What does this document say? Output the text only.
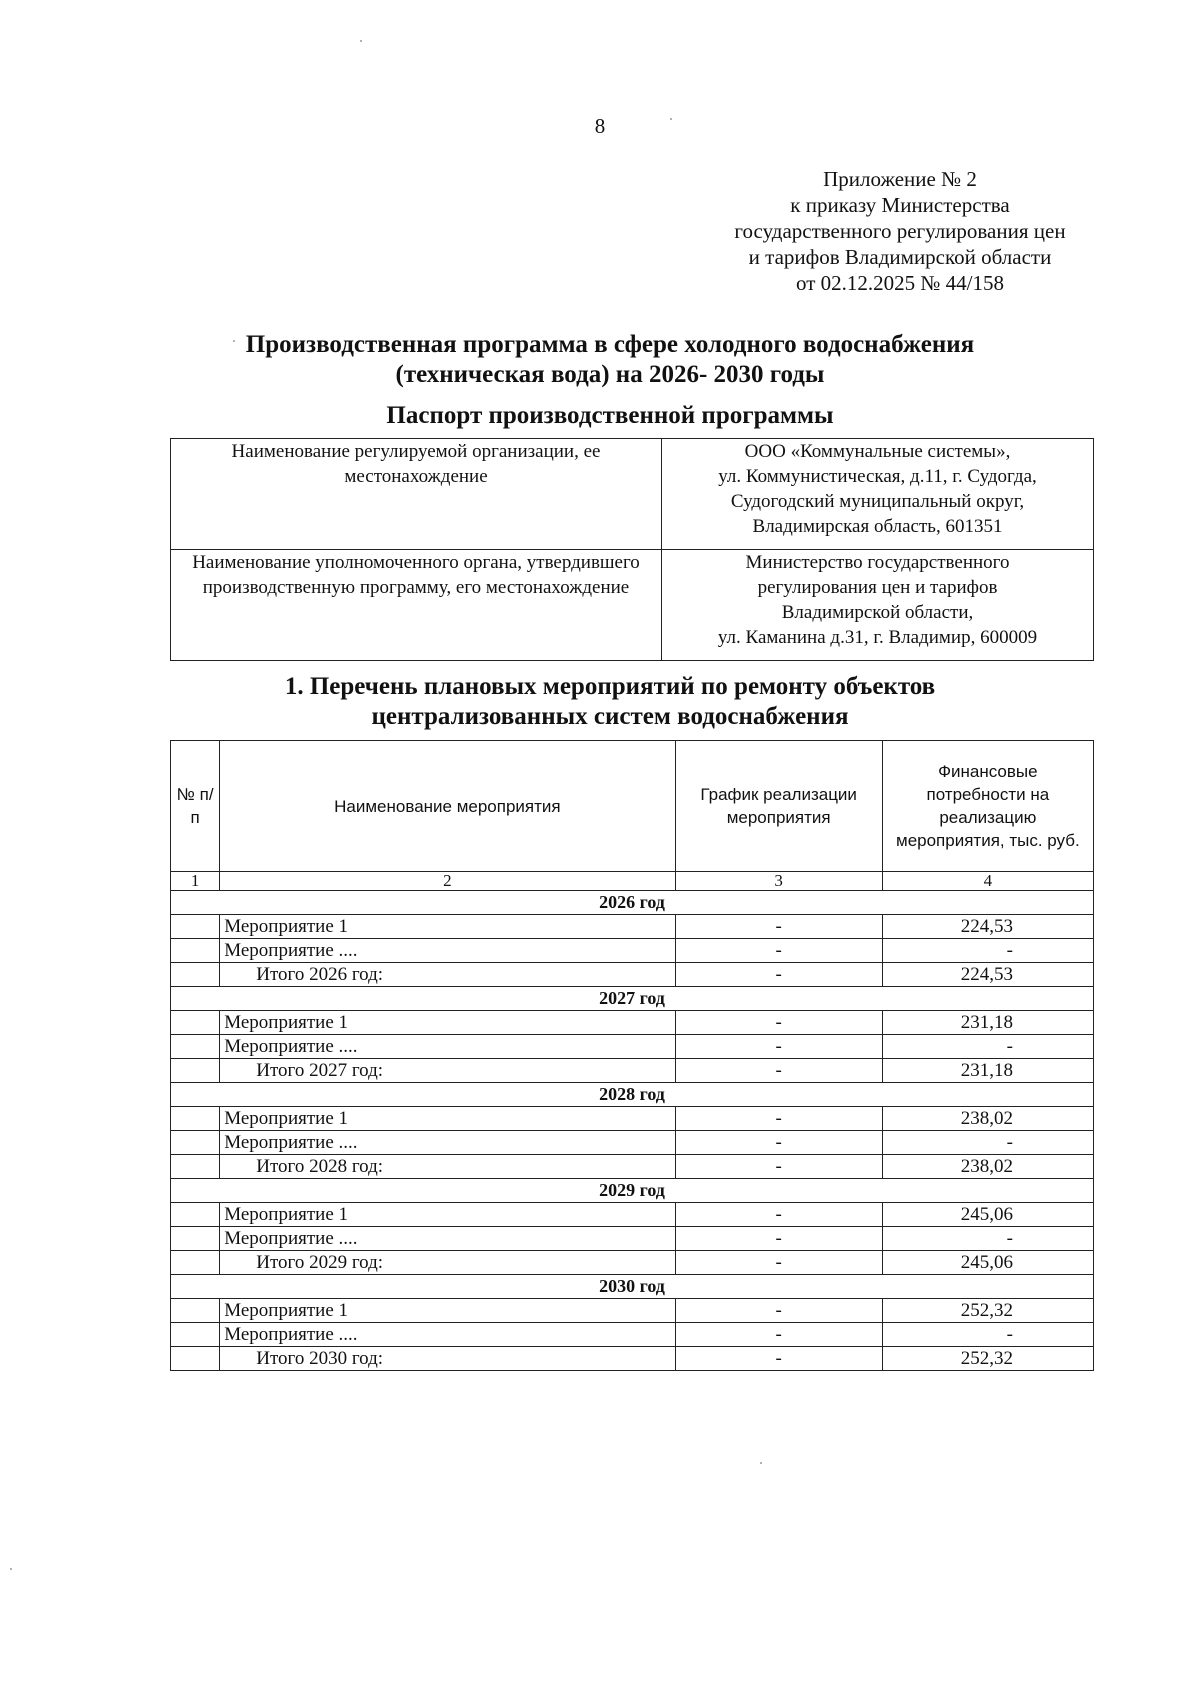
8
Приложение № 2
к приказу Министерства
государственного регулирования цен
и тарифов Владимирской области
от 02.12.2025 № 44/158
Производственная программа в сфере холодного водоснабжения
(техническая вода) на 2026- 2030 годы
Паспорт производственной программы
Наименование регулируемой организации, ее местонахождение	ООО «Коммунальные системы»,
ул. Коммунистическая, д.11, г. Судогда,
Судогодский муниципальный округ,
Владимирская область, 601351

Наименование уполномоченного органа, утвердившего производственную программу, его местонахождение	Министерство государственного
регулирования цен и тарифов
Владимирской области,
ул. Каманина д.31, г. Владимир, 600009
1. Перечень плановых мероприятий по ремонту объектов
централизованных систем водоснабжения
№ п/п	Наименование мероприятия	График реализации мероприятия	Финансовые потребности на реализацию мероприятия, тыс. руб.
1	2	3	4
2026 год			
	Мероприятие 1	-	224,53
	Мероприятие ....	-	-
	Итого 2026 год:	-	224,53
2027 год			
	Мероприятие 1	-	231,18
	Мероприятие ....	-	-
	Итого 2027 год:	-	231,18
2028 год			
	Мероприятие 1	-	238,02
	Мероприятие ....	-	-
	Итого 2028 год:	-	238,02
2029 год			
	Мероприятие 1	-	245,06
	Мероприятие ....	-	-
	Итого 2029 год:	-	245,06
2030 год			
	Мероприятие 1	-	252,32
	Мероприятие ....	-	-
	Итого 2030 год:	-	252,32
